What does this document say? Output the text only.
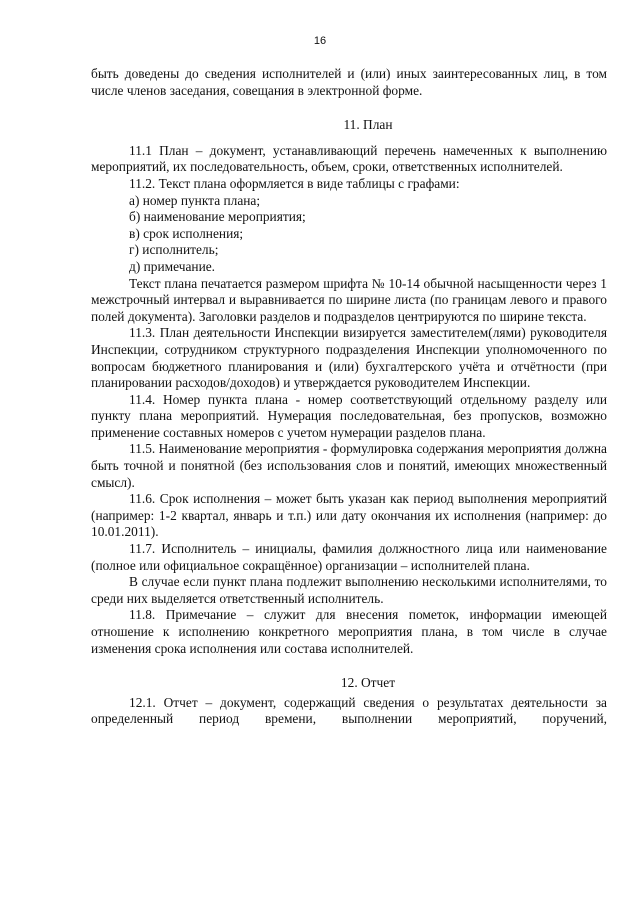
16

быть доведены до сведения исполнителей и (или) иных заинтересованных лиц, в том числе членов заседания, совещания в электронной форме.

11. План

11.1 План – документ, устанавливающий перечень намеченных к выполнению мероприятий, их последовательность, объем, сроки, ответственных исполнителей.

11.2. Текст плана оформляется в виде таблицы с графами:

а) номер пункта плана;

б) наименование мероприятия;

в) срок исполнения;

г) исполнитель;

д) примечание.

Текст плана печатается размером шрифта № 10-14 обычной насыщенности через 1 межстрочный интервал и выравнивается по ширине листа (по границам левого и правого полей документа). Заголовки разделов и подразделов центрируются по ширине текста.

11.3. План деятельности Инспекции визируется заместителем(лями) руководителя Инспекции, сотрудником структурного подразделения Инспекции уполномоченного по вопросам бюджетного планирования и (или) бухгалтерского учёта и отчётности (при планировании расходов/доходов) и утверждается руководителем Инспекции.

11.4. Номер пункта плана - номер соответствующий отдельному разделу или пункту плана мероприятий. Нумерация последовательная, без пропусков, возможно применение составных номеров с учетом нумерации разделов плана.

11.5. Наименование мероприятия - формулировка содержания мероприятия должна быть точной и понятной (без использования слов и понятий, имеющих множественный смысл).

11.6. Срок исполнения – может быть указан как период выполнения мероприятий (например: 1-2 квартал, январь и т.п.) или дату окончания их исполнения (например: до 10.01.2011).

11.7. Исполнитель – инициалы, фамилия должностного лица или наименование (полное или официальное сокращённое) организации – исполнителей плана.

В случае если пункт плана подлежит выполнению несколькими исполнителями, то среди них выделяется ответственный исполнитель.

11.8. Примечание – служит для внесения пометок, информации имеющей отношение к исполнению конкретного мероприятия плана, в том числе в случае изменения срока исполнения или состава исполнителей.

12. Отчет

12.1. Отчет – документ, содержащий сведения о результатах деятельности за определенный период времени, выполнении мероприятий, поручений,
